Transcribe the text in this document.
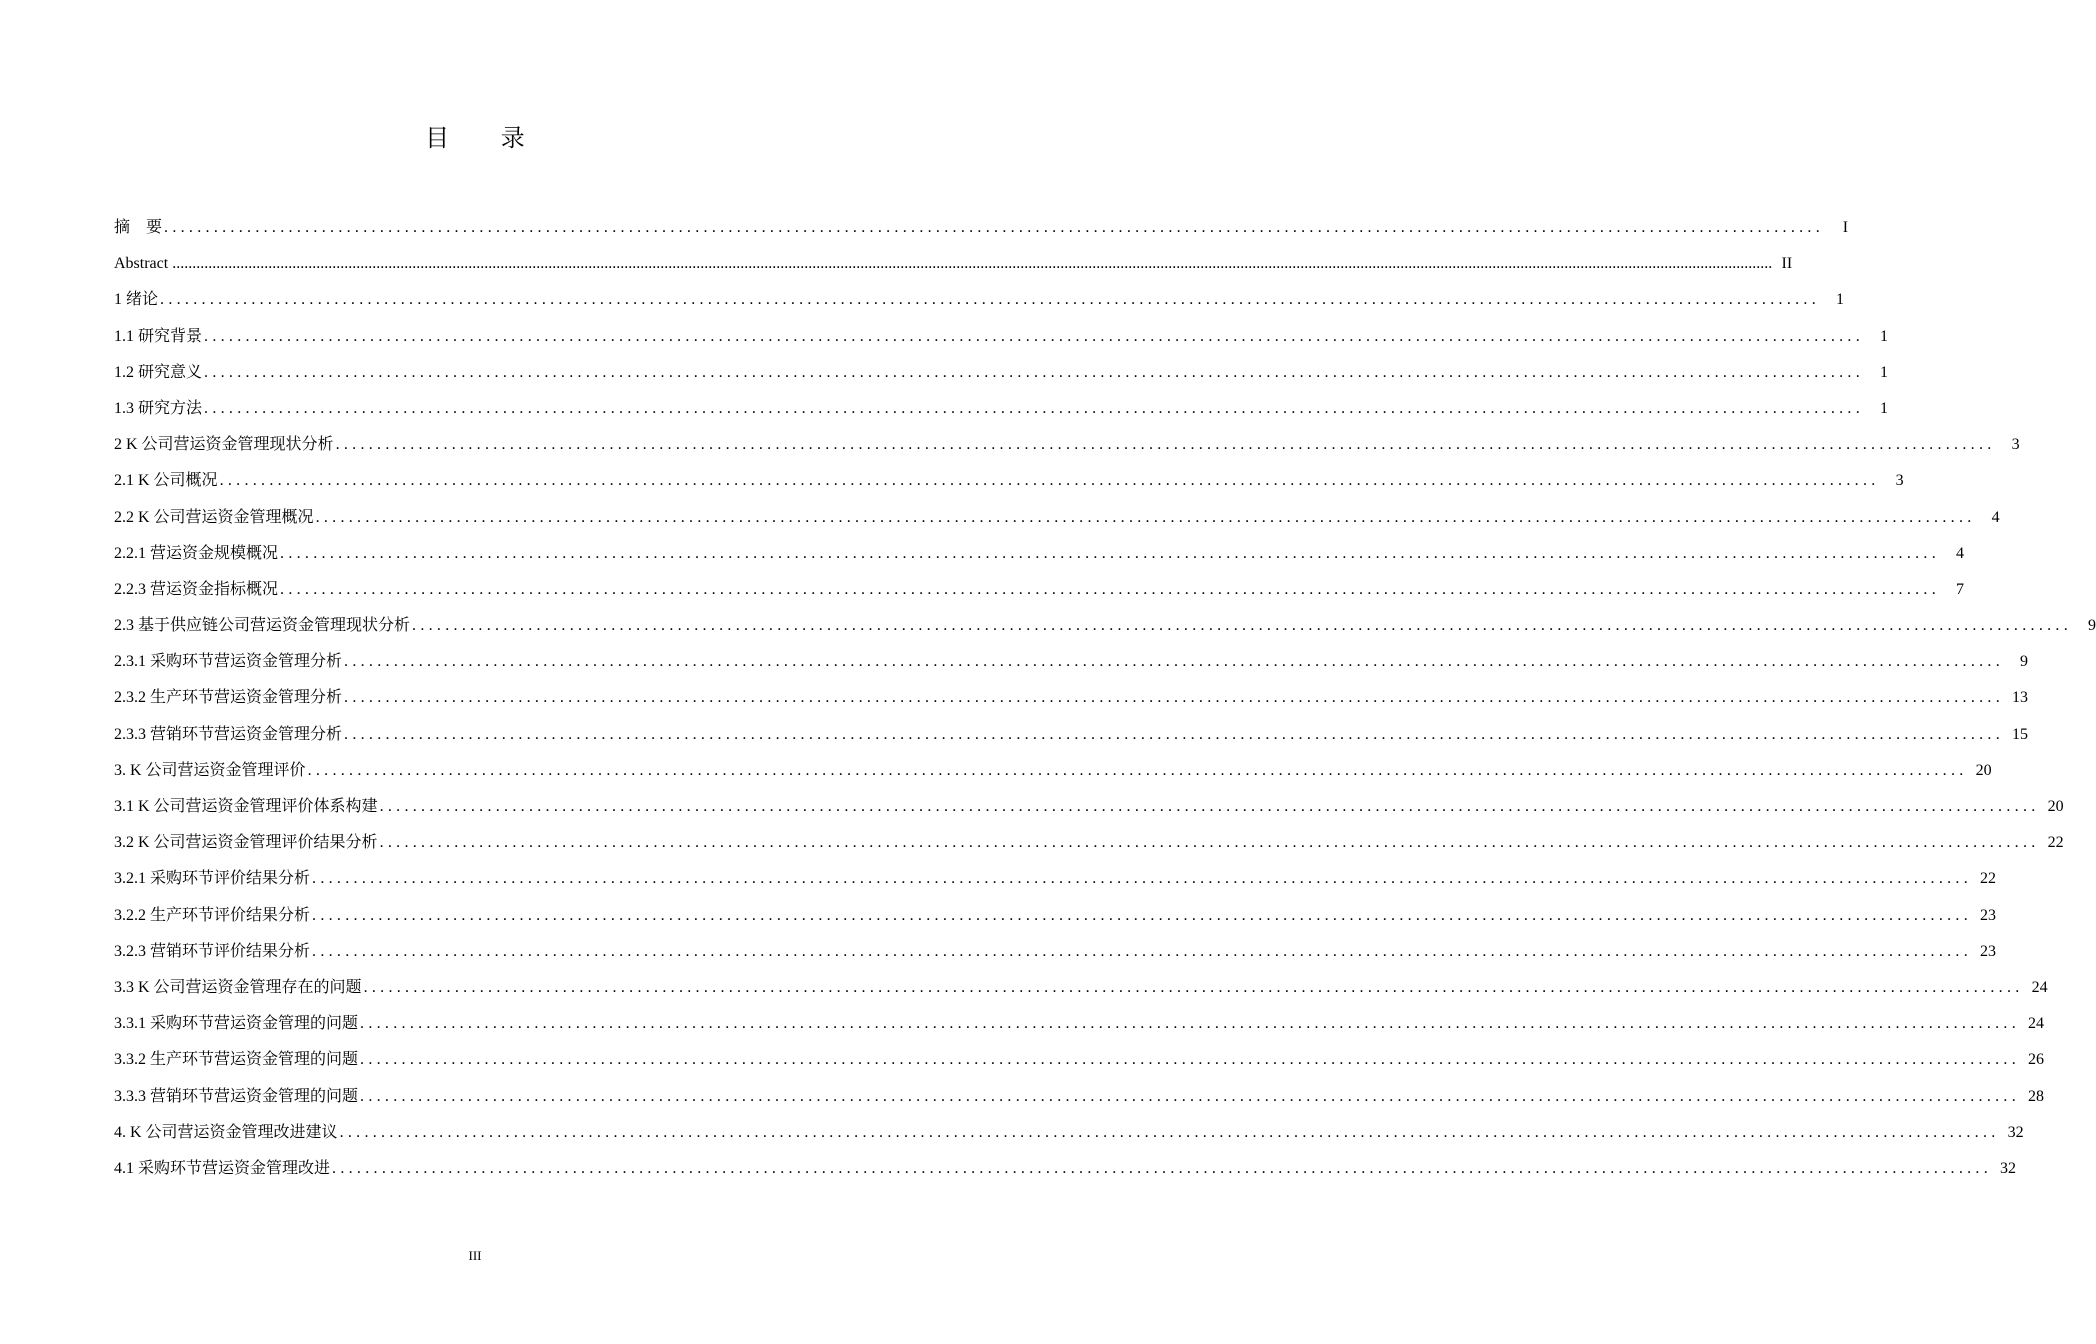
目 录
摘　要 ........................................................................................................................................................................................................	I
Abstract ................................................................................................................................................................................................................................................................................................................................................................................................................ II
1 绪论 ........................................................................................................................................................................................................	1
1.1 研究背景 ........................................................................................................................................................................................................	1
1.2 研究意义 ........................................................................................................................................................................................................	1
1.3 研究方法 ........................................................................................................................................................................................................	1
2 K 公司营运资金管理现状分析 ........................................................................................................................................................................................................	3
2.1 K 公司概况 ........................................................................................................................................................................................................	3
2.2 K 公司营运资金管理概况 ........................................................................................................................................................................................................	4
2.2.1 营运资金规模概况 ........................................................................................................................................................................................................	4
2.2.3 营运资金指标概况 ........................................................................................................................................................................................................	7
2.3 基于供应链公司营运资金管理现状分析 ........................................................................................................................................................................................................	9
2.3.1 采购环节营运资金管理分析 ........................................................................................................................................................................................................	9
2.3.2 生产环节营运资金管理分析 ........................................................................................................................................................................................................ 13
2.3.3 营销环节营运资金管理分析 ........................................................................................................................................................................................................ 15
3. K 公司营运资金管理评价 ........................................................................................................................................................................................................ 20
3.1 K 公司营运资金管理评价体系构建 ........................................................................................................................................................................................................ 20
3.2 K 公司营运资金管理评价结果分析 ........................................................................................................................................................................................................ 22
3.2.1 采购环节评价结果分析 ........................................................................................................................................................................................................ 22
3.2.2 生产环节评价结果分析 ........................................................................................................................................................................................................ 23
3.2.3 营销环节评价结果分析 ........................................................................................................................................................................................................ 23
3.3 K 公司营运资金管理存在的问题 ........................................................................................................................................................................................................ 24
3.3.1 采购环节营运资金管理的问题 ........................................................................................................................................................................................................ 24
3.3.2 生产环节营运资金管理的问题 ........................................................................................................................................................................................................ 26
3.3.3 营销环节营运资金管理的问题 ........................................................................................................................................................................................................ 28
4. K 公司营运资金管理改进建议 ........................................................................................................................................................................................................ 32
4.1 采购环节营运资金管理改进 ........................................................................................................................................................................................................ 32
III
